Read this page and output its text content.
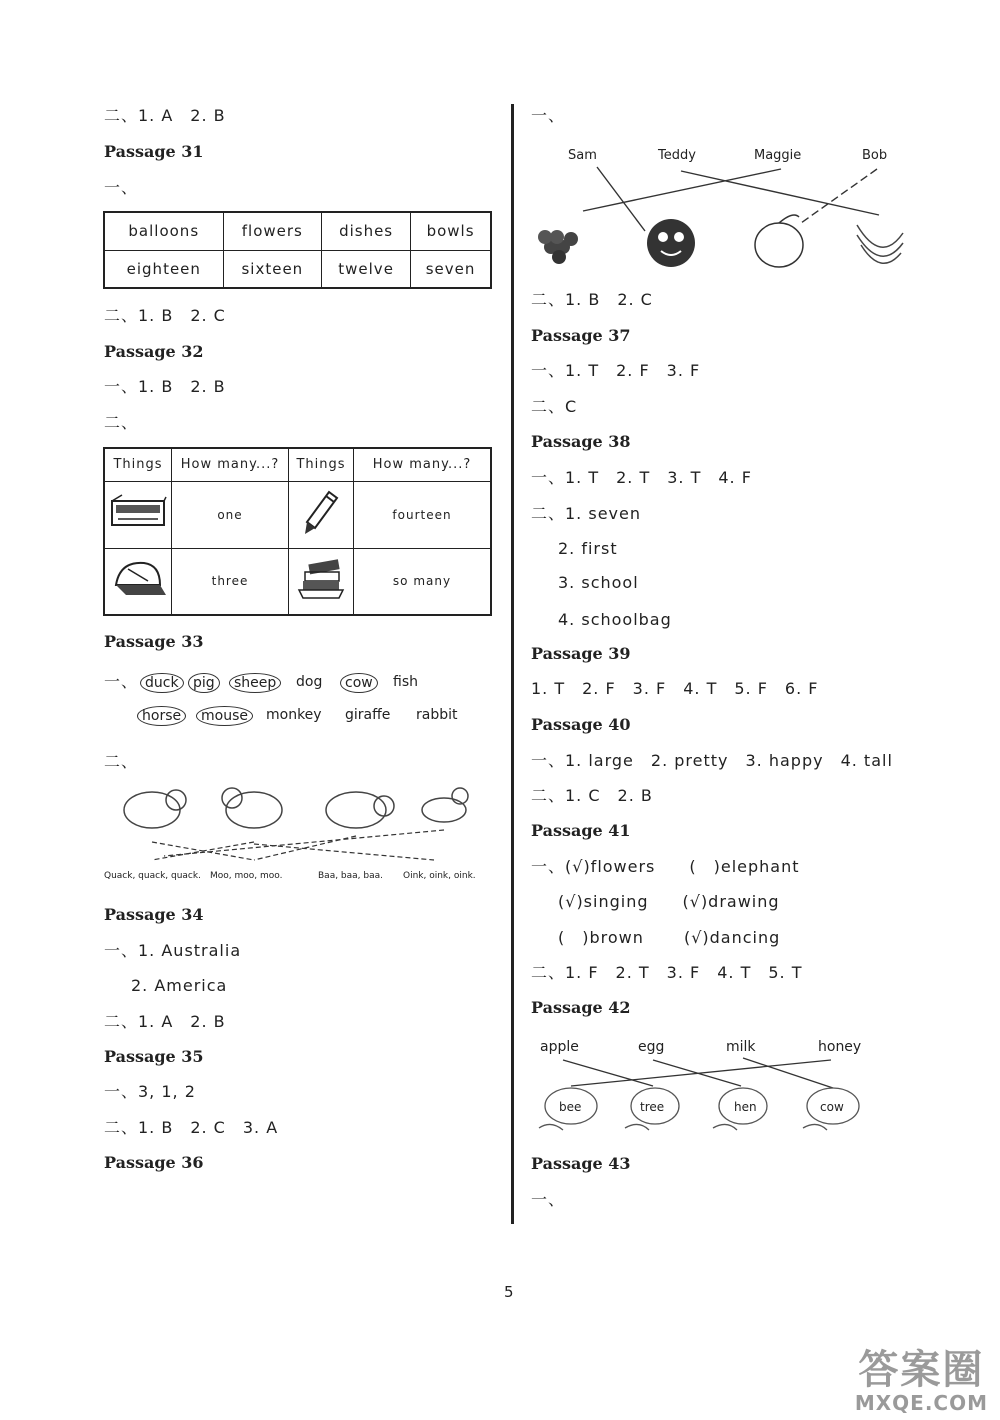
二、1. A　2. B
Passage 31
一、
balloons	flowers	dishes	bowls
eighteen	sixteen	twelve	seven
二、1. B　2. C
Passage 32
一、1. B　2. B
二、
Things	How many...?	Things	How many...?
	one		fourteen
	three		so many
Passage 33
一、 duck	pig	sheep	dog	cow	fish
horse	mouse	monkey giraffe rabbit
二、
Quack, quack, quack. Moo, moo, moo.	Baa, baa, baa. Oink, oink, oink.
Passage 34
一、1. Australia
2. America
二、1. A　2. B
Passage 35
一、3, 1, 2
二、1. B　2. C　3. A
Passage 36
一、
Sam	Teddy	Maggie	Bob
二、1. B　2. C
Passage 37
一、1. T　2. F　3. F
二、C
Passage 38
一、1. T　2. T　3. T　4. F
二、1. seven
2. first
3. school
4. schoolbag
Passage 39
1. T　2. F　3. F　4. T　5. F　6. F
Passage 40
一、1. large　2. pretty　3. happy　4. tall
二、1. C　2. B
Passage 41
一、(√)flowers　　(　)elephant
(√)singing　　(√)drawing
(　)brown　　 (√)dancing
二、1. F　2. T　3. F　4. T　5. T
Passage 42
apple	egg	milk	honey
bee	tree	hen	cow
Passage 43
一、
5
答案圈
MXQE.COM
